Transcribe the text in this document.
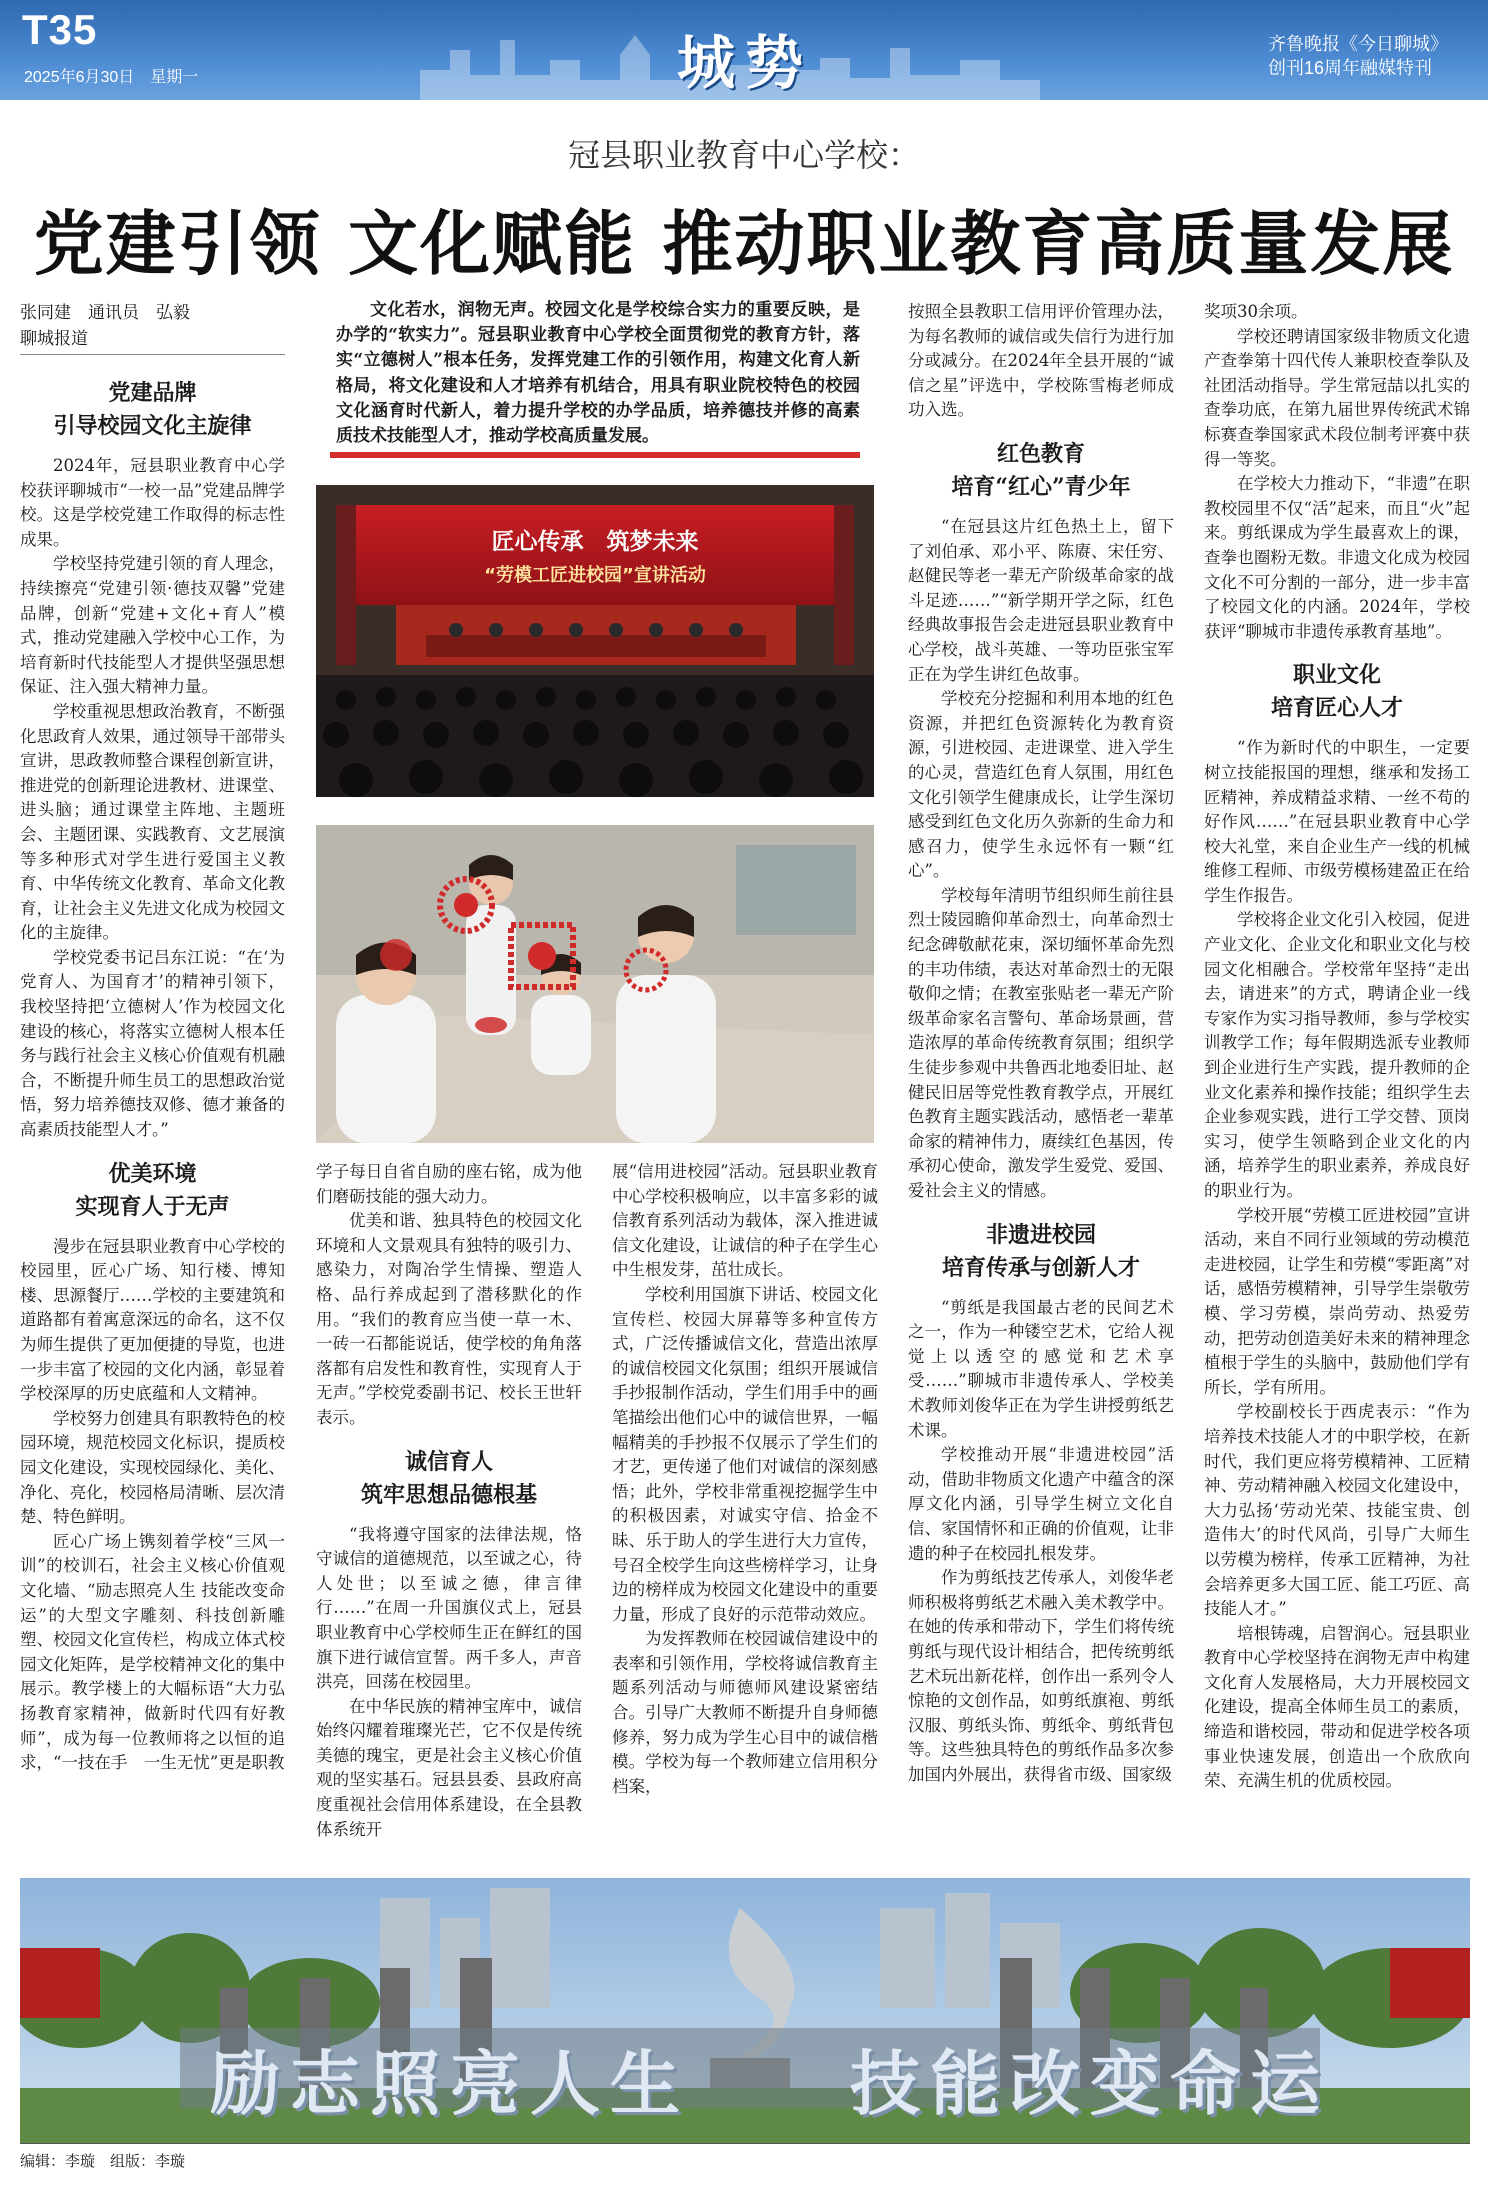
T35
2025年6月30日　星期一	城势	齐鲁晚报《今日聊城》
创刊16周年融媒特刊
冠县职业教育中心学校：
党建引领 文化赋能 推动职业教育高质量发展
张同建　通讯员　弘毅
聊城报道
文化若水，润物无声。校园文化是学校综合实力的重要反映，是办学的“软实力”。冠县职业教育中心学校全面贯彻党的教育方针，落实“立德树人”根本任务，发挥党建工作的引领作用，构建文化育人新格局，将文化建设和人才培养有机结合，用具有职业院校特色的校园文化涵育时代新人，着力提升学校的办学品质，培养德技并修的高素质技术技能型人才，推动学校高质量发展。
匠心传承　筑梦未来
“劳模工匠进校园”宣讲活动
党建品牌
引导校园文化主旋律

2024年，冠县职业教育中心学校获评聊城市“一校一品”党建品牌学校。这是学校党建工作取得的标志性成果。

学校坚持党建引领的育人理念，持续擦亮“党建引领·德技双馨”党建品牌，创新“党建+文化+育人”模式，推动党建融入学校中心工作，为培育新时代技能型人才提供坚强思想保证、注入强大精神力量。

学校重视思想政治教育，不断强化思政育人效果，通过领导干部带头宣讲，思政教师整合课程创新宣讲，推进党的创新理论进教材、进课堂、进头脑；通过课堂主阵地、主题班会、主题团课、实践教育、文艺展演等多种形式对学生进行爱国主义教育、中华传统文化教育、革命文化教育，让社会主义先进文化成为校园文化的主旋律。

学校党委书记吕东江说：“在‘为党育人、为国育才’的精神引领下，我校坚持把‘立德树人’作为校园文化建设的核心，将落实立德树人根本任务与践行社会主义核心价值观有机融合，不断提升师生员工的思想政治觉悟，努力培养德技双修、德才兼备的高素质技能型人才。”

优美环境
实现育人于无声

漫步在冠县职业教育中心学校的校园里，匠心广场、知行楼、博知楼、思源餐厅……学校的主要建筑和道路都有着寓意深远的命名，这不仅为师生提供了更加便捷的导览，也进一步丰富了校园的文化内涵，彰显着学校深厚的历史底蕴和人文精神。

学校努力创建具有职教特色的校园环境，规范校园文化标识，提质校园文化建设，实现校园绿化、美化、净化、亮化，校园格局清晰、层次清楚、特色鲜明。

匠心广场上镌刻着学校“三风一训”的校训石，社会主义核心价值观文化墙、“励志照亮人生 技能改变命运”的大型文字雕刻、科技创新雕塑、校园文化宣传栏，构成立体式校园文化矩阵，是学校精神文化的集中展示。教学楼上的大幅标语“大力弘扬教育家精神，做新时代四有好教师”，成为每一位教师将之以恒的追求，“一技在手　一生无忧”更是职教

学子每日自省自励的座右铭，成为他们磨砺技能的强大动力。

优美和谐、独具特色的校园文化环境和人文景观具有独特的吸引力、感染力，对陶冶学生情操、塑造人格、品行养成起到了潜移默化的作用。“我们的教育应当使一草一木、一砖一石都能说话，使学校的角角落落都有启发性和教育性，实现育人于无声。”学校党委副书记、校长王世轩表示。

诚信育人
筑牢思想品德根基

“我将遵守国家的法律法规，恪守诚信的道德规范，以至诚之心，待人处世；以至诚之德，律言律行……”在周一升国旗仪式上，冠县职业教育中心学校师生正在鲜红的国旗下进行诚信宣誓。两千多人，声音洪亮，回荡在校园里。

在中华民族的精神宝库中，诚信始终闪耀着璀璨光芒，它不仅是传统美德的瑰宝，更是社会主义核心价值观的坚实基石。冠县县委、县政府高度重视社会信用体系建设，在全县教体系统开

展“信用进校园”活动。冠县职业教育中心学校积极响应，以丰富多彩的诚信教育系列活动为载体，深入推进诚信文化建设，让诚信的种子在学生心中生根发芽，茁壮成长。

学校利用国旗下讲话、校园文化宣传栏、校园大屏幕等多种宣传方式，广泛传播诚信文化，营造出浓厚的诚信校园文化氛围；组织开展诚信手抄报制作活动，学生们用手中的画笔描绘出他们心中的诚信世界，一幅幅精美的手抄报不仅展示了学生们的才艺，更传递了他们对诚信的深刻感悟；此外，学校非常重视挖掘学生中的积极因素，对诚实守信、拾金不昧、乐于助人的学生进行大力宣传，号召全校学生向这些榜样学习，让身边的榜样成为校园文化建设中的重要力量，形成了良好的示范带动效应。

为发挥教师在校园诚信建设中的表率和引领作用，学校将诚信教育主题系列活动与师德师风建设紧密结合。引导广大教师不断提升自身师德修养，努力成为学生心目中的诚信楷模。学校为每一个教师建立信用积分档案，

按照全县教职工信用评价管理办法，为每名教师的诚信或失信行为进行加分或减分。在2024年全县开展的“诚信之星”评选中，学校陈雪梅老师成功入选。

红色教育
培育“红心”青少年

“在冠县这片红色热土上，留下了刘伯承、邓小平、陈赓、宋任穷、赵健民等老一辈无产阶级革命家的战斗足迹……”“新学期开学之际，红色经典故事报告会走进冠县职业教育中心学校，战斗英雄、一等功臣张宝军正在为学生讲红色故事。

学校充分挖掘和利用本地的红色资源，并把红色资源转化为教育资源，引进校园、走进课堂、进入学生的心灵，营造红色育人氛围，用红色文化引领学生健康成长，让学生深切感受到红色文化历久弥新的生命力和感召力，使学生永远怀有一颗“红心”。

学校每年清明节组织师生前往县烈士陵园瞻仰革命烈士，向革命烈士纪念碑敬献花束，深切缅怀革命先烈的丰功伟绩，表达对革命烈士的无限敬仰之情；在教室张贴老一辈无产阶级革命家名言警句、革命场景画，营造浓厚的革命传统教育氛围；组织学生徒步参观中共鲁西北地委旧址、赵健民旧居等党性教育教学点，开展红色教育主题实践活动，感悟老一辈革命家的精神伟力，赓续红色基因，传承初心使命，激发学生爱党、爱国、爱社会主义的情感。

非遗进校园
培育传承与创新人才

“剪纸是我国最古老的民间艺术之一，作为一种镂空艺术，它给人视觉上以透空的感觉和艺术享受……”聊城市非遗传承人、学校美术教师刘俊华正在为学生讲授剪纸艺术课。

学校推动开展“非遗进校园”活动，借助非物质文化遗产中蕴含的深厚文化内涵，引导学生树立文化自信、家国情怀和正确的价值观，让非遗的种子在校园扎根发芽。

作为剪纸技艺传承人，刘俊华老师积极将剪纸艺术融入美术教学中。在她的传承和带动下，学生们将传统剪纸与现代设计相结合，把传统剪纸艺术玩出新花样，创作出一系列令人惊艳的文创作品，如剪纸旗袍、剪纸汉服、剪纸头饰、剪纸伞、剪纸背包等。这些独具特色的剪纸作品多次参加国内外展出，获得省市级、国家级

奖项30余项。

学校还聘请国家级非物质文化遗产查拳第十四代传人兼职校查拳队及社团活动指导。学生常冠喆以扎实的查拳功底，在第九届世界传统武术锦标赛查拳国家武术段位制考评赛中获得一等奖。

在学校大力推动下，“非遗”在职教校园里不仅“活”起来，而且“火”起来。剪纸课成为学生最喜欢上的课，查拳也圈粉无数。非遗文化成为校园文化不可分割的一部分，进一步丰富了校园文化的内涵。2024年，学校获评“聊城市非遗传承教育基地”。

职业文化
培育匠心人才

“作为新时代的中职生，一定要树立技能报国的理想，继承和发扬工匠精神，养成精益求精、一丝不苟的好作风……”在冠县职业教育中心学校大礼堂，来自企业生产一线的机械维修工程师、市级劳模杨建盈正在给学生作报告。

学校将企业文化引入校园，促进产业文化、企业文化和职业文化与校园文化相融合。学校常年坚持“走出去，请进来”的方式，聘请企业一线专家作为实习指导教师，参与学校实训教学工作；每年假期选派专业教师到企业进行生产实践，提升教师的企业文化素养和操作技能；组织学生去企业参观实践，进行工学交替、顶岗实习，使学生领略到企业文化的内涵，培养学生的职业素养，养成良好的职业行为。

学校开展“劳模工匠进校园”宣讲活动，来自不同行业领域的劳动模范走进校园，让学生和劳模“零距离”对话，感悟劳模精神，引导学生崇敬劳模、学习劳模，崇尚劳动、热爱劳动，把劳动创造美好未来的精神理念植根于学生的头脑中，鼓励他们学有所长，学有所用。

学校副校长于西虎表示：“作为培养技术技能人才的中职学校，在新时代，我们更应将劳模精神、工匠精神、劳动精神融入校园文化建设中，大力弘扬‘劳动光荣、技能宝贵、创造伟大’的时代风尚，引导广大师生以劳模为榜样，传承工匠精神，为社会培养更多大国工匠、能工巧匠、高技能人才。”

培根铸魂，启智润心。冠县职业教育中心学校坚持在润物无声中构建文化育人发展格局，大力开展校园文化建设，提高全体师生员工的素质，缔造和谐校园，带动和促进学校各项事业快速发展，创造出一个欣欣向荣、充满生机的优质校园。

励志照亮人生 技能改变命运
编辑：李璇　组版：李璇
